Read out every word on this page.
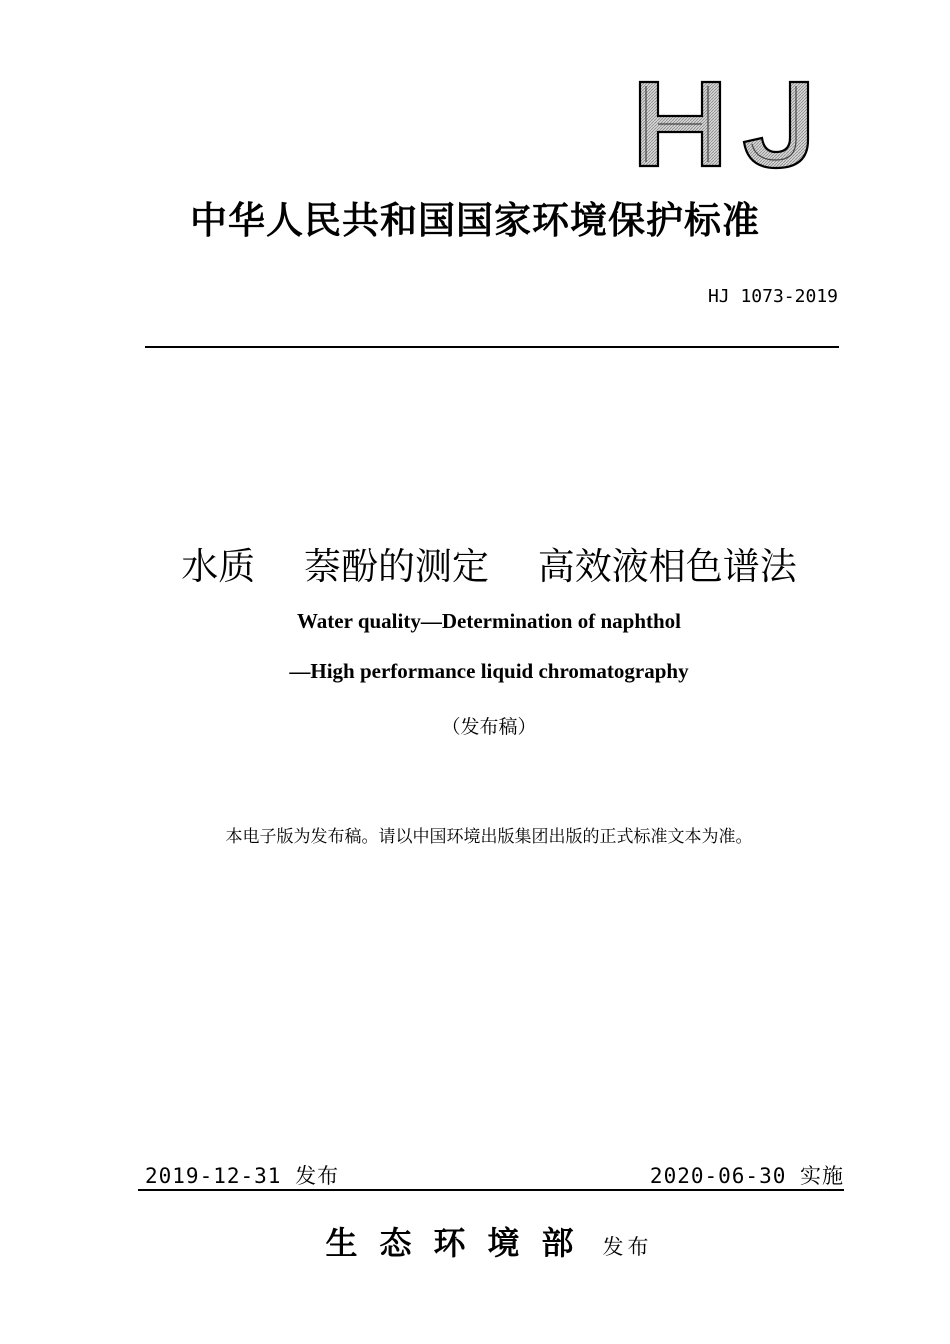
中华人民共和国国家环境保护标准
HJ 1073-2019
水质　 萘酚的测定　 高效液相色谱法
Water quality—Determination of naphthol
—High performance liquid chromatography
（发布稿）
本电子版为发布稿。请以中国环境出版集团出版的正式标准文本为准。
2019-12-31 发布	2020-06-30 实施
生态环境部 发布
